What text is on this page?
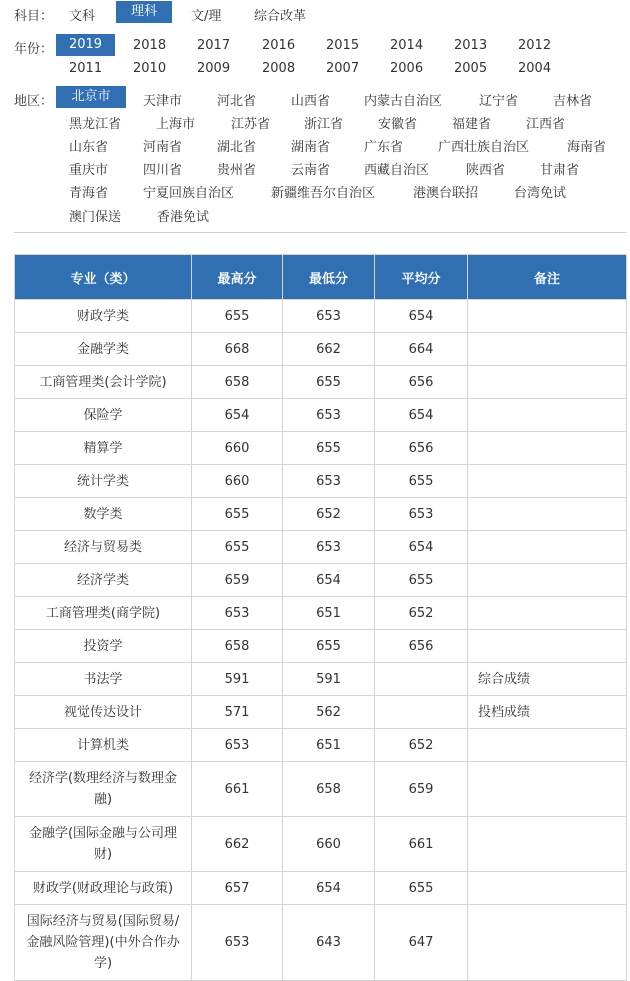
科目： 文科	理科	文/理	综合改革
年份：	2019	2018 2017 2016 2015 2014 2013 2012
2011 2010 2009 2008 2007 2006 2005 2004
地区：	北京市	天津市	河北省	山西省	内蒙古自治区	辽宁省	吉林省
黑龙江省	上海市	江苏省	浙江省	安徽省	福建省	江西省
山东省	河南省	湖北省	湖南省	广东省	广西壮族自治区	海南省
重庆市	四川省	贵州省	云南省	西藏自治区	陕西省	甘肃省
青海省	宁夏回族自治区	新疆维吾尔自治区	港澳台联招	台湾免试
澳门保送	香港免试
专业（类）	最高分	最低分	平均分	备注
财政学类	655	653	654	
金融学类	668	662	664	
工商管理类(会计学院)	658	655	656	
保险学	654	653	654	
精算学	660	655	656	
统计学类	660	653	655	
数学类	655	652	653	
经济与贸易类	655	653	654	
经济学类	659	654	655	
工商管理类(商学院)	653	651	652	
投资学	658	655	656	
书法学	591	591		综合成绩
视觉传达设计	571	562		投档成绩
计算机类	653	651	652	
经济学(数理经济与数理金融)	661	658	659	
金融学(国际金融与公司理财)	662	660	661	
财政学(财政理论与政策)	657	654	655	
国际经济与贸易(国际贸易/金融风险管理)(中外合作办学)	653	643	647	
